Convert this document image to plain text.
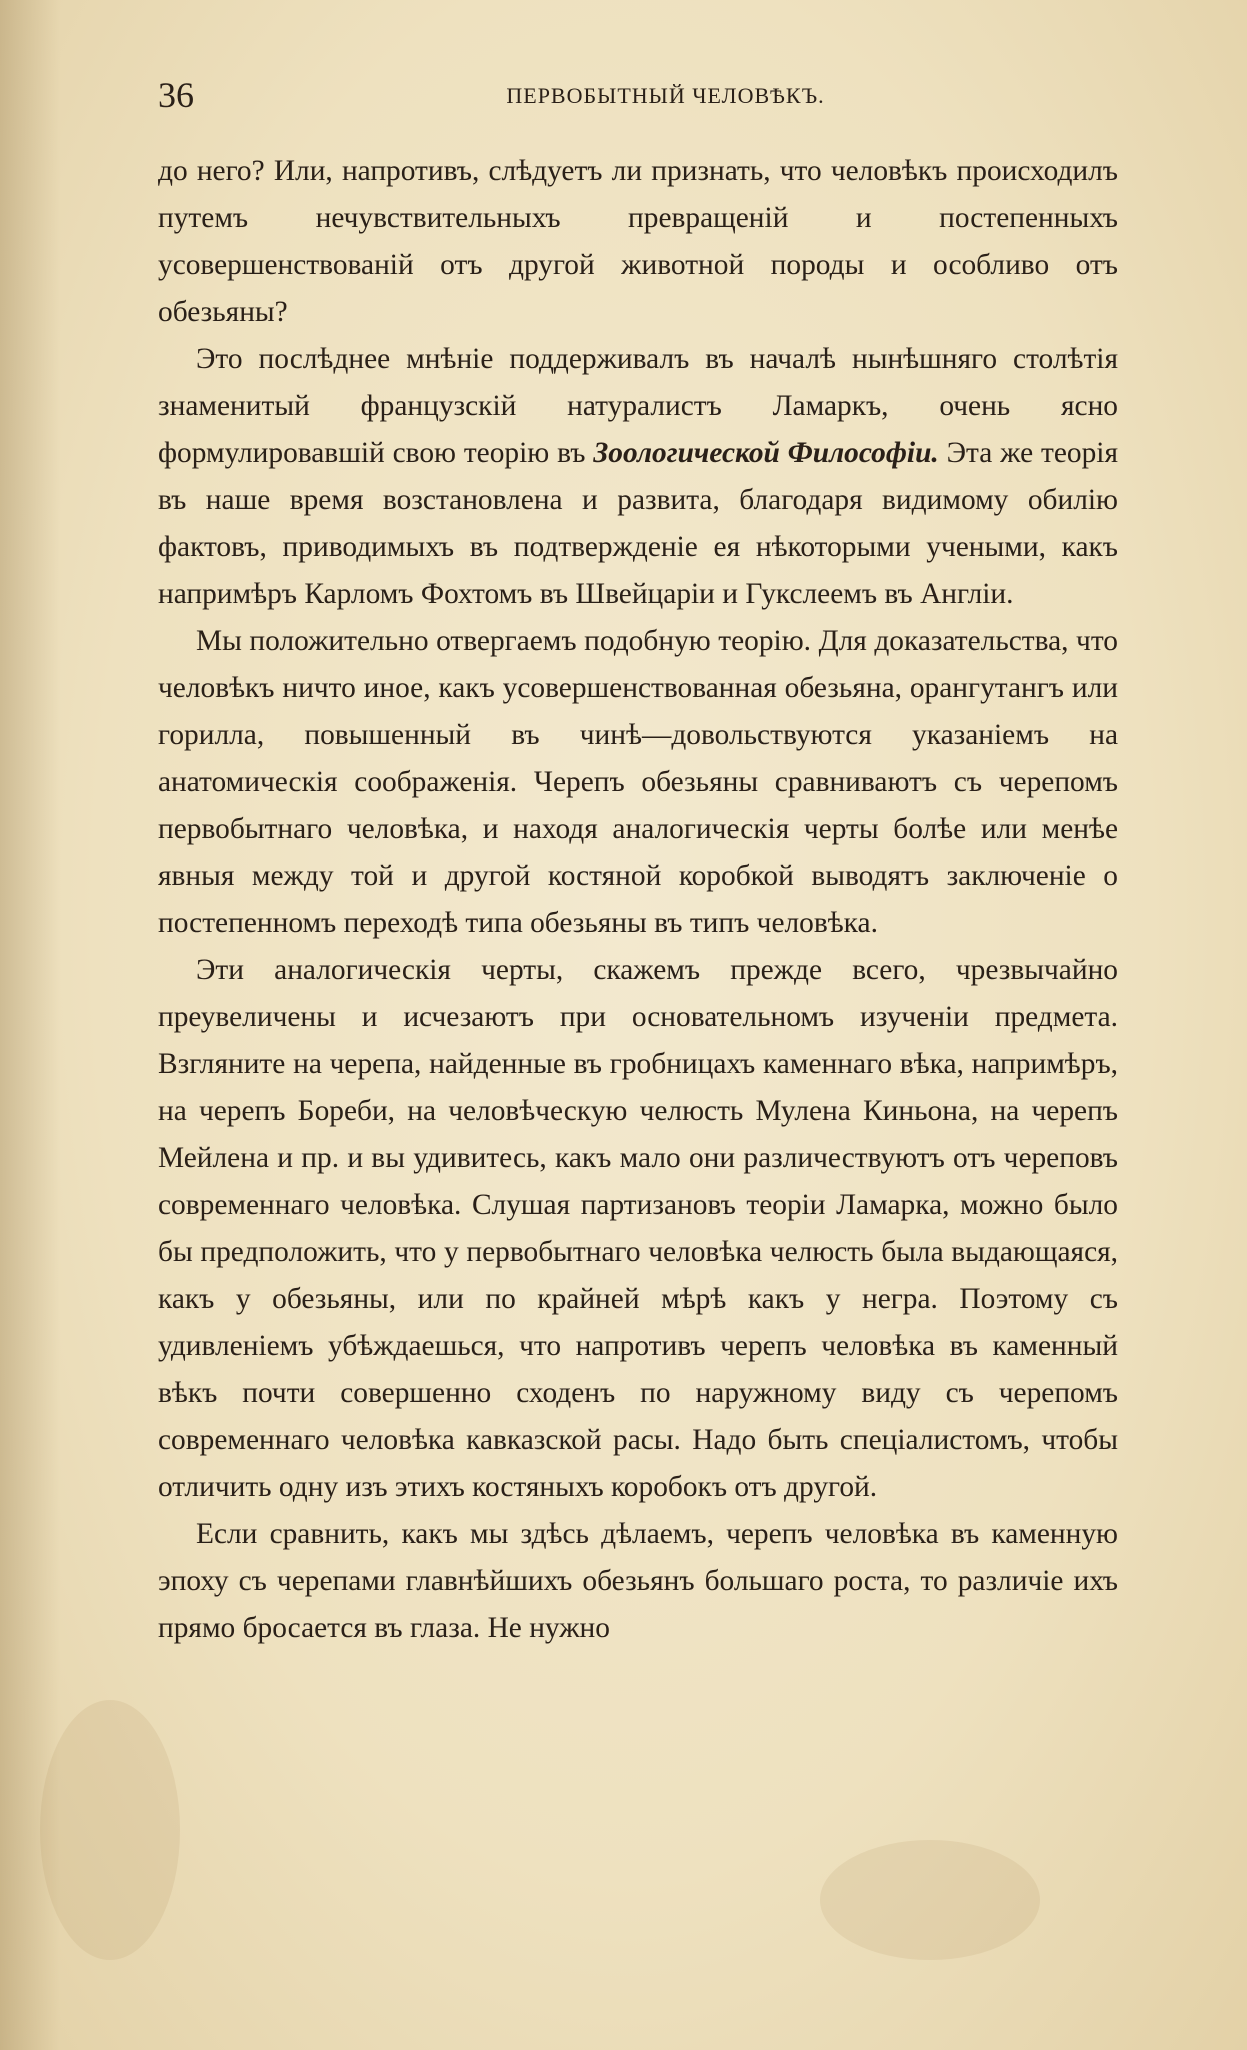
36	ПЕРВОБЫТНЫЙ ЧЕЛОВѢКЪ.

до него? Или, напротивъ, слѣдуетъ ли признать, что человѣкъ происходилъ путемъ нечувствительныхъ превращенiй и постепенныхъ усовершенствованiй отъ другой животной породы и особливо отъ обезьяны?

Это послѣднее мнѣнiе поддерживалъ въ началѣ нынѣшняго столѣтiя знаменитый французскiй натуралистъ Ламаркъ, очень ясно формулировавшiй свою теорiю въ Зоологической Философiи. Эта же теорiя въ наше время возстановлена и развита, благодаря видимому обилiю фактовъ, приводимыхъ въ подтвержденiе ея нѣкоторыми учеными, какъ напримѣръ Карломъ Фохтомъ въ Швейцарiи и Гукслеемъ въ Англiи.

Мы положительно отвергаемъ подобную теорiю. Для доказательства, что человѣкъ ничто иное, какъ усовершенствованная обезьяна, орангутангъ или горилла, повышенный въ чинѣ—довольствуются указанiемъ на анатомическiя соображенiя. Черепъ обезьяны сравниваютъ съ черепомъ первобытнаго человѣка, и находя аналогическiя черты болѣе или менѣе явныя между той и другой костяной коробкой выводятъ заключенiе о постепенномъ переходѣ типа обезьяны въ типъ человѣка.

Эти аналогическiя черты, скажемъ прежде всего, чрезвычайно преувеличены и исчезаютъ при основательномъ изученiи предмета. Взгляните на черепа, найденные въ гробницахъ каменнаго вѣка, напримѣръ, на черепъ Бореби, на человѣческую челюсть Мулена Киньона, на черепъ Мейлена и пр. и вы удивитесь, какъ мало они различествуютъ отъ череповъ современнаго человѣка. Слушая партизановъ теорiи Ламарка, можно было бы предположить, что у первобытнаго человѣка челюсть была выдающаяся, какъ у обезьяны, или по крайней мѣрѣ какъ у негра. Поэтому съ удивленiемъ убѣждаешься, что напротивъ черепъ человѣка въ каменный вѣкъ почти совершенно сходенъ по наружному виду съ черепомъ современнаго человѣка кавказской расы. Надо быть спецiалистомъ, чтобы отличить одну изъ этихъ костяныхъ коробокъ отъ другой.

Если сравнить, какъ мы здѣсь дѣлаемъ, черепъ человѣка въ каменную эпоху съ черепами главнѣйшихъ обезьянъ большаго роста, то различiе ихъ прямо бросается въ глаза. Не нужно
